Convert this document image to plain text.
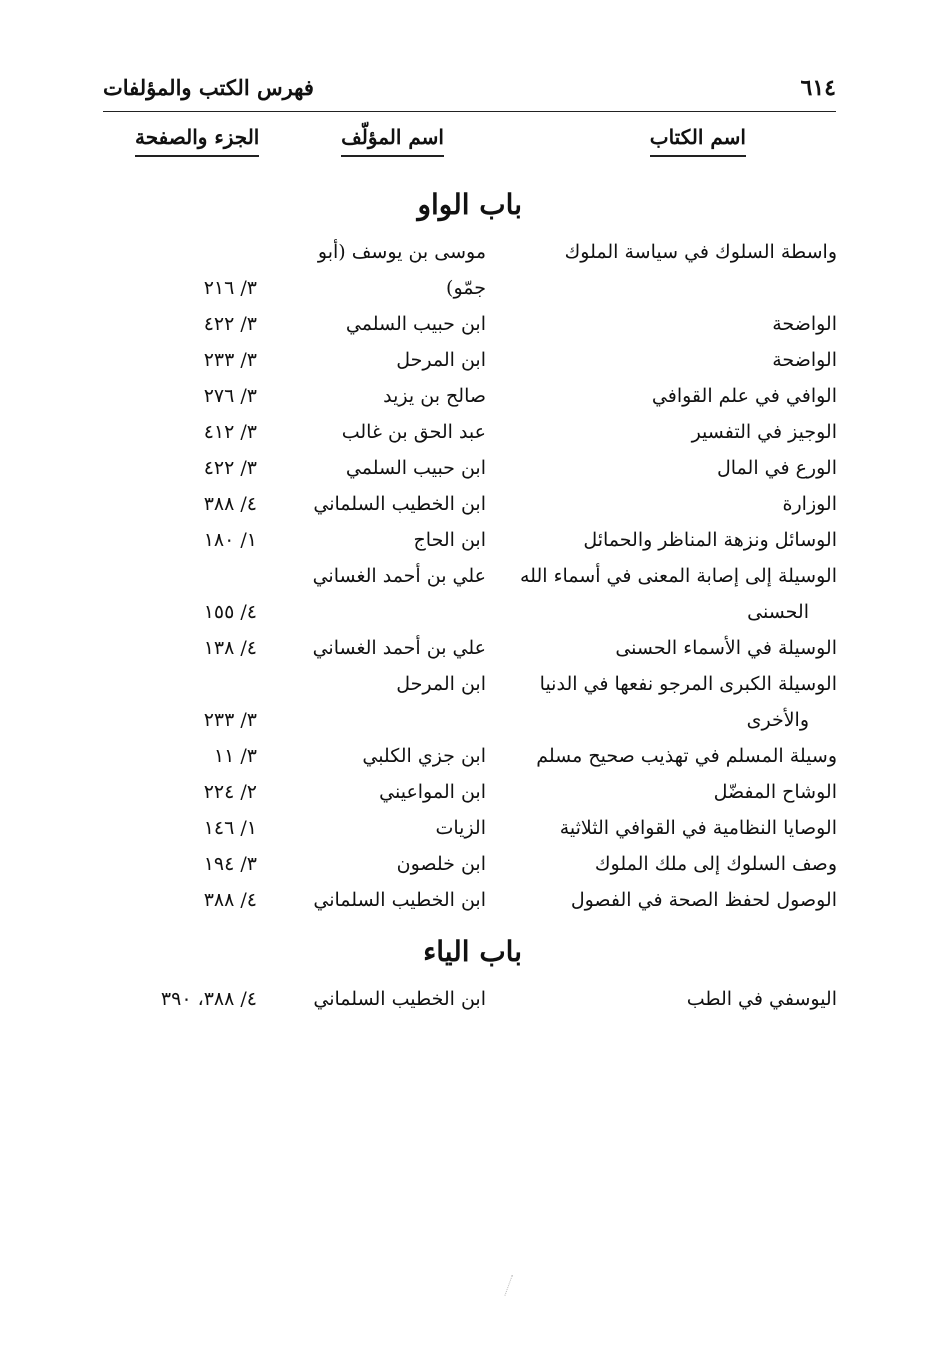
٦١٤
فهرس الكتب والمؤلفات
اسم الكتاب
اسم المؤلّف
الجزء والصفحة
باب الواو
واسطة السلوك في سياسة الملوك
موسى بن يوسف (أبو
جمّو)
٣/ ٢١٦
الواضحة
ابن حبيب السلمي
٣/ ٤٢٢
الواضحة
ابن المرحل
٣/ ٢٣٣
الوافي في علم القوافي
صالح بن يزيد
٣/ ٢٧٦
الوجيز في التفسير
عبد الحق بن غالب
٣/ ٤١٢
الورع في المال
ابن حبيب السلمي
٣/ ٤٢٢
الوزارة
ابن الخطيب السلماني
٤/ ٣٨٨
الوسائل ونزهة المناظر والحمائل
ابن الحاج
١/ ١٨٠
الوسيلة إلى إصابة المعنى في أسماء الله
الحسنى
علي بن أحمد الغساني
٤/ ١٥٥
الوسيلة في الأسماء الحسنى
علي بن أحمد الغساني
٤/ ١٣٨
الوسيلة الكبرى المرجو نفعها في الدنيا
والأخرى
ابن المرحل
٣/ ٢٣٣
وسيلة المسلم في تهذيب صحيح مسلم
ابن جزي الكلبي
٣/ ١١
الوشاح المفضّل
ابن المواعيني
٢/ ٢٢٤
الوصايا النظامية في القوافي الثلاثية
الزيات
١/ ١٤٦
وصف السلوك إلى ملك الملوك
ابن خلصون
٣/ ١٩٤
الوصول لحفظ الصحة في الفصول
ابن الخطيب السلماني
٤/ ٣٨٨
باب الياء
اليوسفي في الطب
ابن الخطيب السلماني
٤/ ٣٨٨، ٣٩٠
